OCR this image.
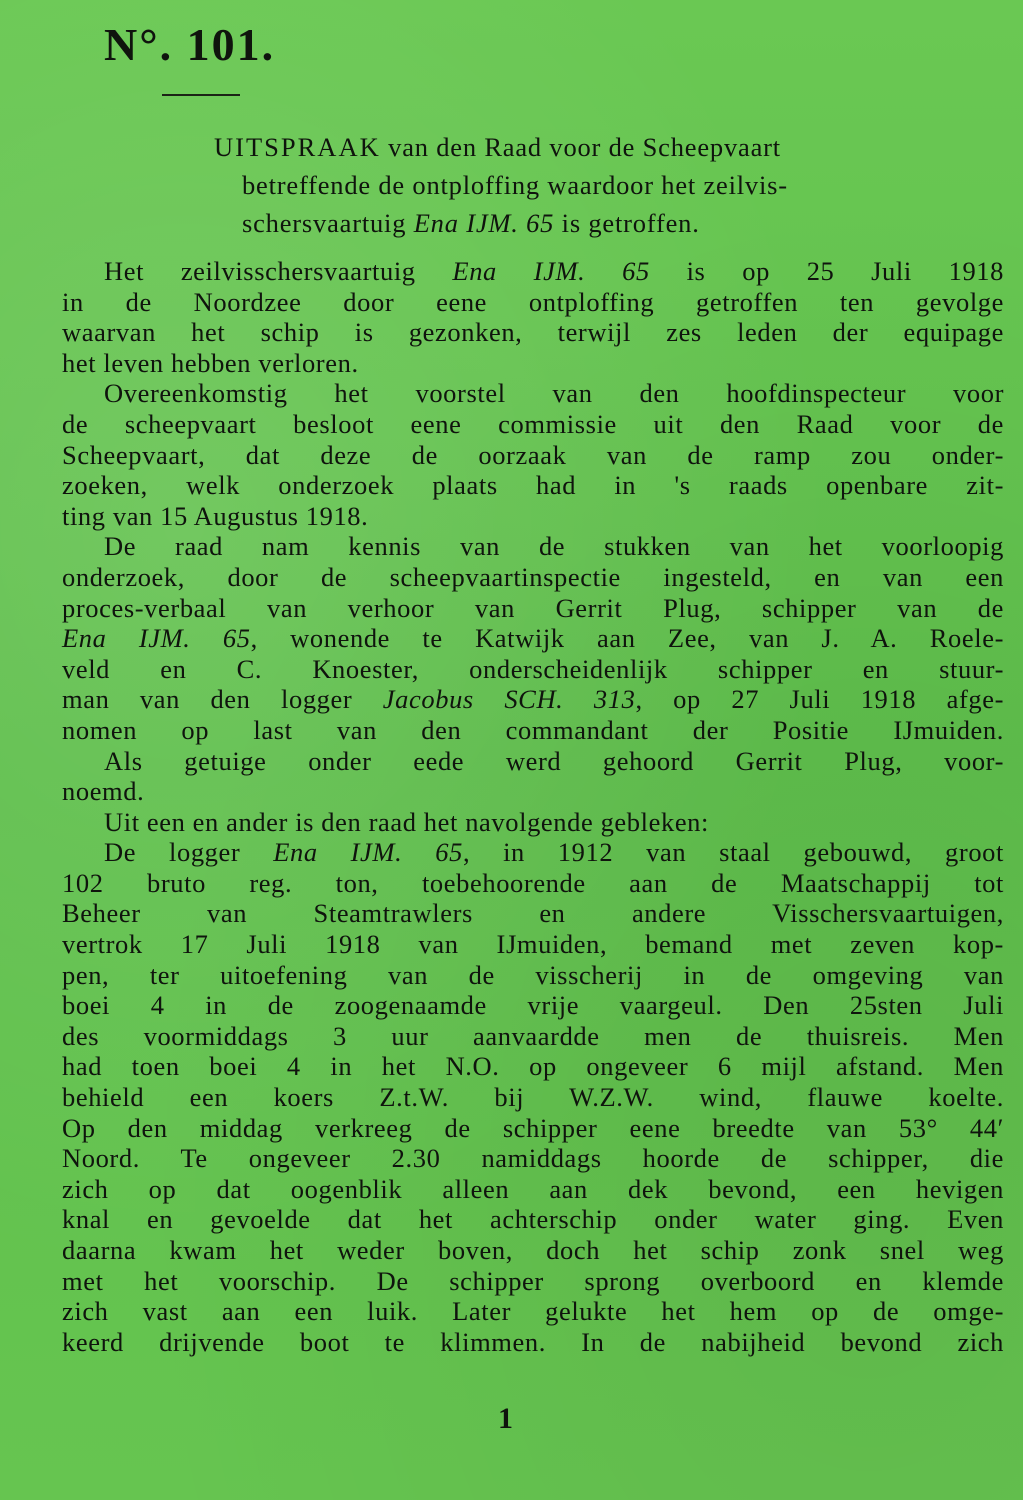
N°. 101.

UITSPRAAK van den Raad voor de Scheepvaart
betreffende de ontploffing waardoor het zeilvis-
schersvaartuig Ena IJM. 65 is getroffen.

Het zeilvisschersvaartuig Ena IJM. 65 is op 25 Juli 1918
in de Noordzee door eene ontploffing getroffen ten gevolge
waarvan het schip is gezonken, terwijl zes leden der equipage
het leven hebben verloren.
Overeenkomstig het voorstel van den hoofdinspecteur voor
de scheepvaart besloot eene commissie uit den Raad voor de
Scheepvaart, dat deze de oorzaak van de ramp zou onder-
zoeken, welk onderzoek plaats had in 's raads openbare zit-
ting van 15 Augustus 1918.
De raad nam kennis van de stukken van het voorloopig
onderzoek, door de scheepvaartinspectie ingesteld, en van een
proces-verbaal van verhoor van Gerrit Plug, schipper van de
Ena IJM. 65, wonende te Katwijk aan Zee, van J. A. Roele-
veld en C. Knoester, onderscheidenlijk schipper en stuur-
man van den logger Jacobus SCH. 313, op 27 Juli 1918 afge-
nomen op last van den commandant der Positie IJmuiden.
Als getuige onder eede werd gehoord Gerrit Plug, voor-
noemd.
Uit een en ander is den raad het navolgende gebleken:
De logger Ena IJM. 65, in 1912 van staal gebouwd, groot
102 bruto reg. ton, toebehoorende aan de Maatschappij tot
Beheer van Steamtrawlers en andere Visschersvaartuigen,
vertrok 17 Juli 1918 van IJmuiden, bemand met zeven kop-
pen, ter uitoefening van de visscherij in de omgeving van
boei 4 in de zoogenaamde vrije vaargeul. Den 25sten Juli
des voormiddags 3 uur aanvaardde men de thuisreis. Men
had toen boei 4 in het N.O. op ongeveer 6 mijl afstand. Men
behield een koers Z.t.W. bij W.Z.W. wind, flauwe koelte.
Op den middag verkreeg de schipper eene breedte van 53° 44′
Noord. Te ongeveer 2.30 namiddags hoorde de schipper, die
zich op dat oogenblik alleen aan dek bevond, een hevigen
knal en gevoelde dat het achterschip onder water ging. Even
daarna kwam het weder boven, doch het schip zonk snel weg
met het voorschip. De schipper sprong overboord en klemde
zich vast aan een luik. Later gelukte het hem op de omge-
keerd drijvende boot te klimmen. In de nabijheid bevond zich

1
